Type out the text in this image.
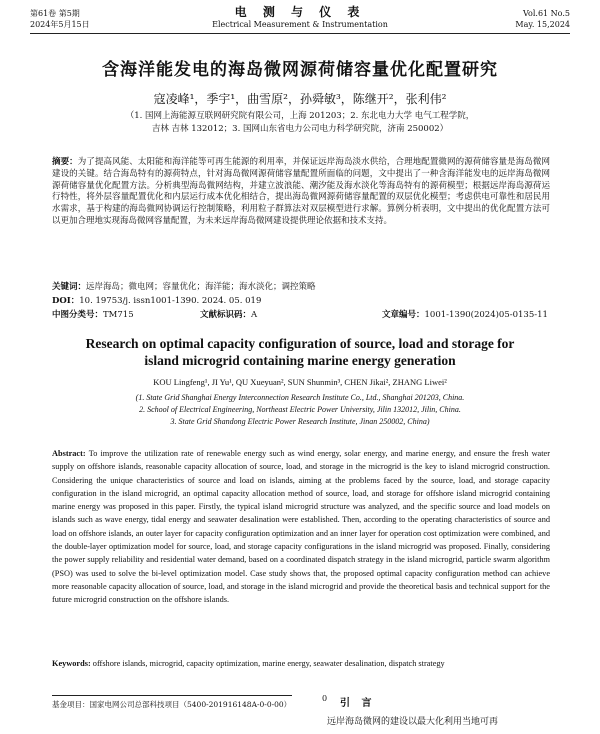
第61卷 第5期
2024年5月15日
电 测 与 仪 表
Electrical Measurement & Instrumentation
Vol.61 No.5
May. 15,2024
含海洋能发电的海岛微网源荷储容量优化配置研究
寇凌峰¹，季宇¹，曲雪原²，孙舜敏³，陈继开²，张利伟²
（1. 国网上海能源互联网研究院有限公司，上海 201203；2. 东北电力大学 电气工程学院，
吉林 吉林 132012；3. 国网山东省电力公司电力科学研究院，济南 250002）
摘要：为了提高风能、太阳能和海洋能等可再生能源的利用率，并保证远岸海岛淡水供给，合理地配置微网的源荷储容量是海岛微网建设的关键。结合海岛特有的源荷特点，针对海岛微网源荷储容量配置所面临的问题，文中提出了一种含海洋能发电的远岸海岛微网源荷储容量优化配置方法。分析典型海岛微网结构，并建立波浪能、潮汐能及海水淡化等海岛特有的源荷模型；根据远岸海岛源荷运行特性，将外层容量配置优化和内层运行成本优化相结合，提出海岛微网源荷储容量配置的双层优化模型；考虑供电可靠性和居民用水需求，基于构建的海岛微网协调运行控制策略，利用粒子群算法对双层模型进行求解。算例分析表明，文中提出的优化配置方法可以更加合理地实现海岛微网容量配置，为未来远岸海岛微网建设提供理论依据和技术支持。
关键词：远岸海岛；微电网；容量优化；海洋能；海水淡化；调控策略
DOI：10. 19753/j. issn1001-1390. 2024. 05. 019
中图分类号：TM715	文献标识码：A	文章编号：1001-1390(2024)05-0135-11
Research on optimal capacity configuration of source, load and storage for
island microgrid containing marine energy generation
KOU Lingfeng¹, JI Yu¹, QU Xueyuan², SUN Shunmin³, CHEN Jikai², ZHANG Liwei²
(1. State Grid Shanghai Energy Interconnection Research Institute Co., Ltd., Shanghai 201203, China.
2. School of Electrical Engineering, Northeast Electric Power University, Jilin 132012, Jilin, China.
3. State Grid Shandong Electric Power Research Institute, Jinan 250002, China)
Abstract: To improve the utilization rate of renewable energy such as wind energy, solar energy, and marine energy, and ensure the fresh water supply on offshore islands, reasonable capacity allocation of source, load, and storage in the microgrid is the key to island microgrid construction. Considering the unique characteristics of source and load on islands, aiming at the problems faced by the source, load, and storage capacity configuration in the island microgrid, an optimal capacity allocation method of source, load, and storage for offshore island microgrid containing marine energy was proposed in this paper. Firstly, the typical island microgrid structure was analyzed, and the specific source and load models on islands such as wave energy, tidal energy and seawater desalination were established. Then, according to the operating characteristics of source and load on offshore islands, an outer layer for capacity configuration optimization and an inner layer for operation cost optimization were combined, and the double-layer optimization model for source, load, and storage capacity configurations in the island microgrid was proposed. Finally, considering the power supply reliability and residential water demand, based on a coordinated dispatch strategy in the island microgrid, particle swarm algorithm (PSO) was used to solve the bi-level optimization model. Case study shows that, the proposed optimal capacity configuration method can achieve more reasonable capacity allocation of source, load, and storage in the island microgrid and provide the theoretical basis and technical support for the future microgrid construction on the offshore islands.
Keywords: offshore islands, microgrid, capacity optimization, marine energy, seawater desalination, dispatch strategy
基金项目：国家电网公司总部科技项目（5400-201916148A-0-0-00）
0 引 言
远岸海岛微网的建设以最大化利用当地可再
